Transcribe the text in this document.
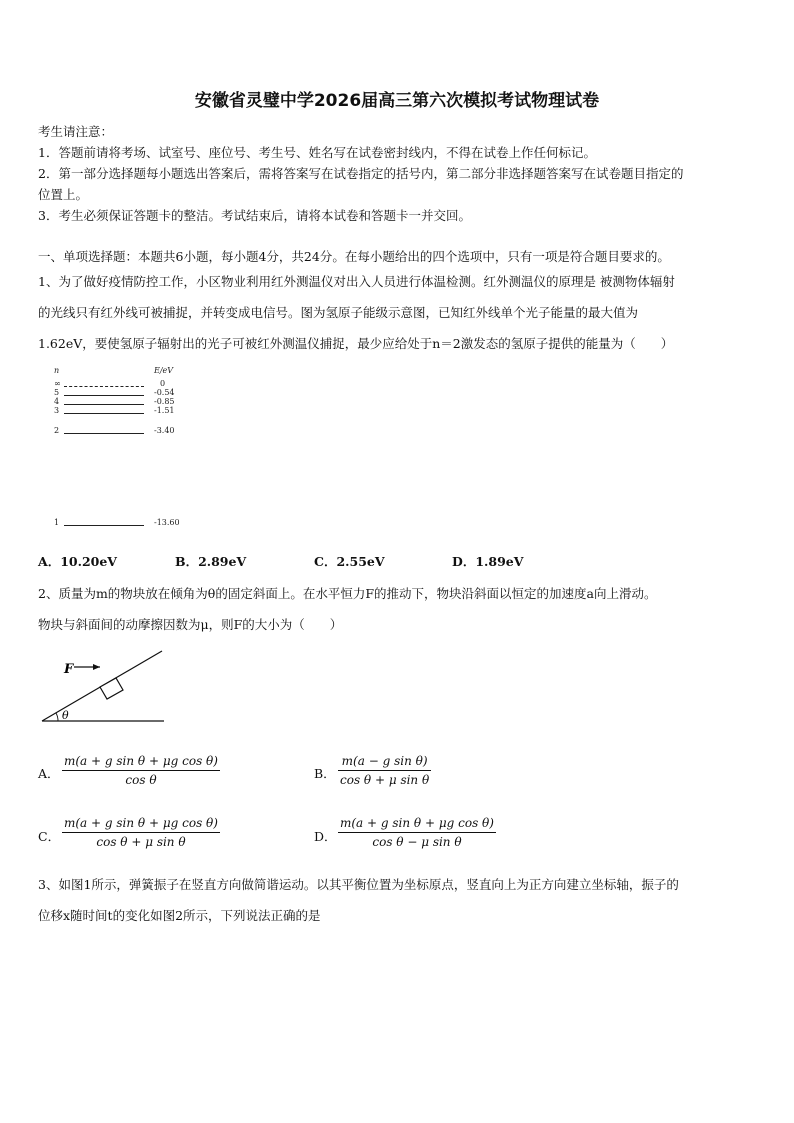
安徽省灵璧中学2026届高三第六次模拟考试物理试卷
考生请注意：
1．答题前请将考场、试室号、座位号、考生号、姓名写在试卷密封线内，不得在试卷上作任何标记。
2．第一部分选择题每小题选出答案后，需将答案写在试卷指定的括号内，第二部分非选择题答案写在试卷题目指定的
位置上。
3．考生必须保证答题卡的整洁。考试结束后，请将本试卷和答题卡一并交回。
一、单项选择题：本题共6小题，每小题4分，共24分。在每小题给出的四个选项中，只有一项是符合题目要求的。
1、为了做好疫情防控工作，小区物业利用红外测温仪对出入人员进行体温检测。红外测温仪的原理是 被测物体辐射
的光线只有红外线可被捕捉，并转变成电信号。图为氢原子能级示意图，已知红外线单个光子能量的最大值为
1.62eV，要使氢原子辐射出的光子可被红外测温仪捕捉，最少应给处于n＝2激发态的氢原子提供的能量为（　　）
n	E/eV
∞	0
5	-0.54
4	-0.85
3	-1.51
2	-3.40
1	-13.60
A．10.20eV	B．2.89eV	C．2.55eV	D．1.89eV
2、质量为m的物块放在倾角为θ的固定斜面上。在水平恒力F的推动下，物块沿斜面以恒定的加速度a向上滑动。
物块与斜面间的动摩擦因数为μ，则F的大小为（　　）
F
θ
A． $\frac{\text{m(a + g sin θ + μg cos θ)}}{\text{cos θ}}$	B． $\frac{\text{m(a − g sin θ)}}{\text{cos θ + μ sin θ}}$
C． $\frac{\text{m(a + g sin θ + μg cos θ)}}{\text{cos θ + μ sin θ}}$	D． $\frac{\text{m(a + g sin θ + μg cos θ)}}{\text{cos θ − μ sin θ}}$
3、如图1所示，弹簧振子在竖直方向做简谐运动。以其平衡位置为坐标原点，竖直向上为正方向建立坐标轴，振子的
位移x随时间t的变化如图2所示，下列说法正确的是
